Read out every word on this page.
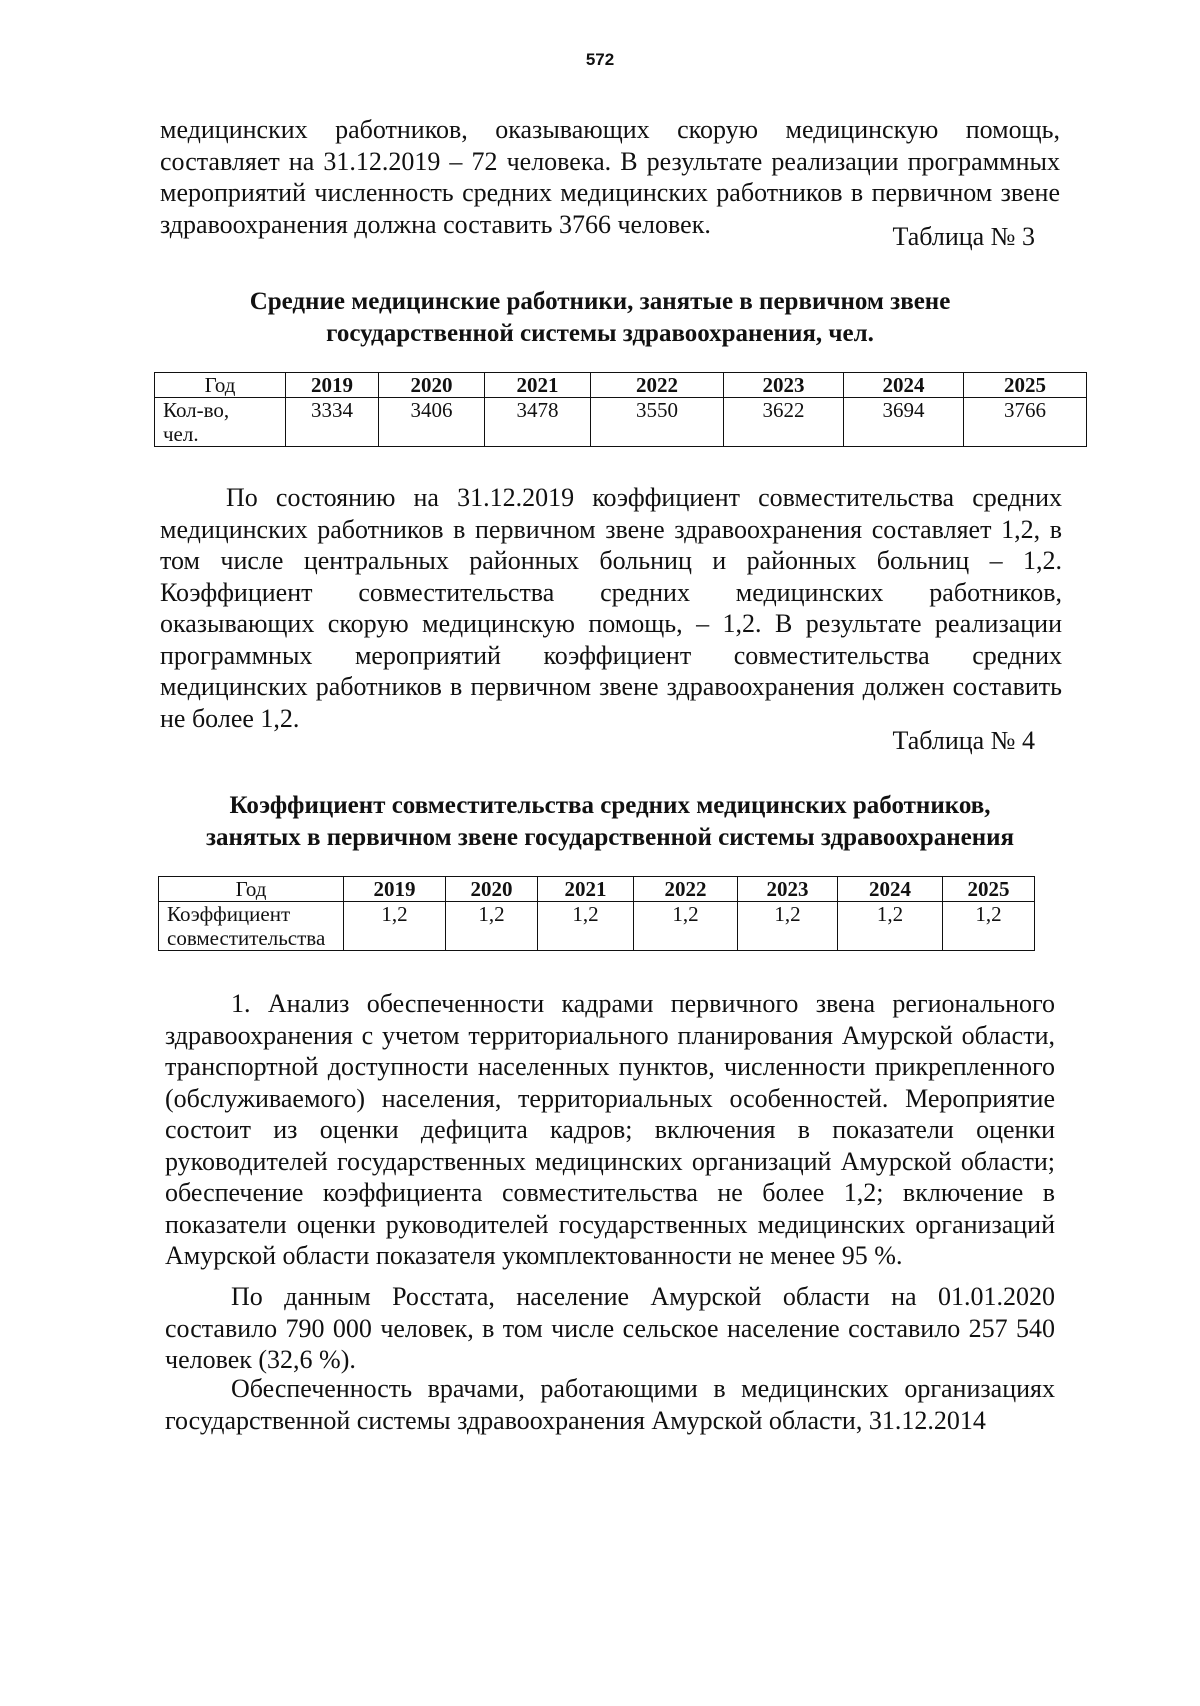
572

медицинских работников, оказывающих скорую медицинскую помощь, составляет на 31.12.2019 – 72 человека. В результате реализации программных мероприятий численность средних медицинских работников в первичном звене здравоохранения должна составить 3766 человек.	Таблица № 3
Средние медицинские работники, занятые в первичном звене
государственной системы здравоохранения, чел.
Год	2019	2020	2021	2022	2023	2024	2025

Кол-во,
чел.	3334	3406	3478	3550	3622	3694	3766

По состоянию на 31.12.2019 коэффициент совместительства средних медицинских работников в первичном звене здравоохранения составляет 1,2, в том числе центральных районных больниц и районных больниц – 1,2. Коэффициент совместительства средних медицинских работников, оказывающих скорую медицинскую помощь, – 1,2. В результате реализации программных мероприятий коэффициент совместительства средних медицинских работников в первичном звене здравоохранения должен составить не более 1,2.

Таблица № 4
Коэффициент совместительства средних медицинских работников,
занятых в первичном звене государственной системы здравоохранения
Год	2019	2020	2021	2022	2023	2024	2025

Коэффициент
совместительства	1,2	1,2	1,2	1,2	1,2	1,2	1,2

1. Анализ обеспеченности кадрами первичного звена регионального здравоохранения с учетом территориального планирования Амурской области, транспортной доступности населенных пунктов, численности прикрепленного (обслуживаемого) населения, территориальных особенностей. Мероприятие состоит из оценки дефицита кадров; включения в показатели оценки руководителей государственных медицинских организаций Амурской области; обеспечение коэффициента совместительства не более 1,2; включение в показатели оценки руководителей государственных медицинских организаций Амурской области показателя укомплектованности не менее 95 %.

По данным Росстата, население Амурской области на 01.01.2020 составило 790 000 человек, в том числе сельское население составило 257 540 человек (32,6 %).

Обеспеченность врачами, работающими в медицинских организациях государственной системы здравоохранения Амурской области, 31.12.2014
